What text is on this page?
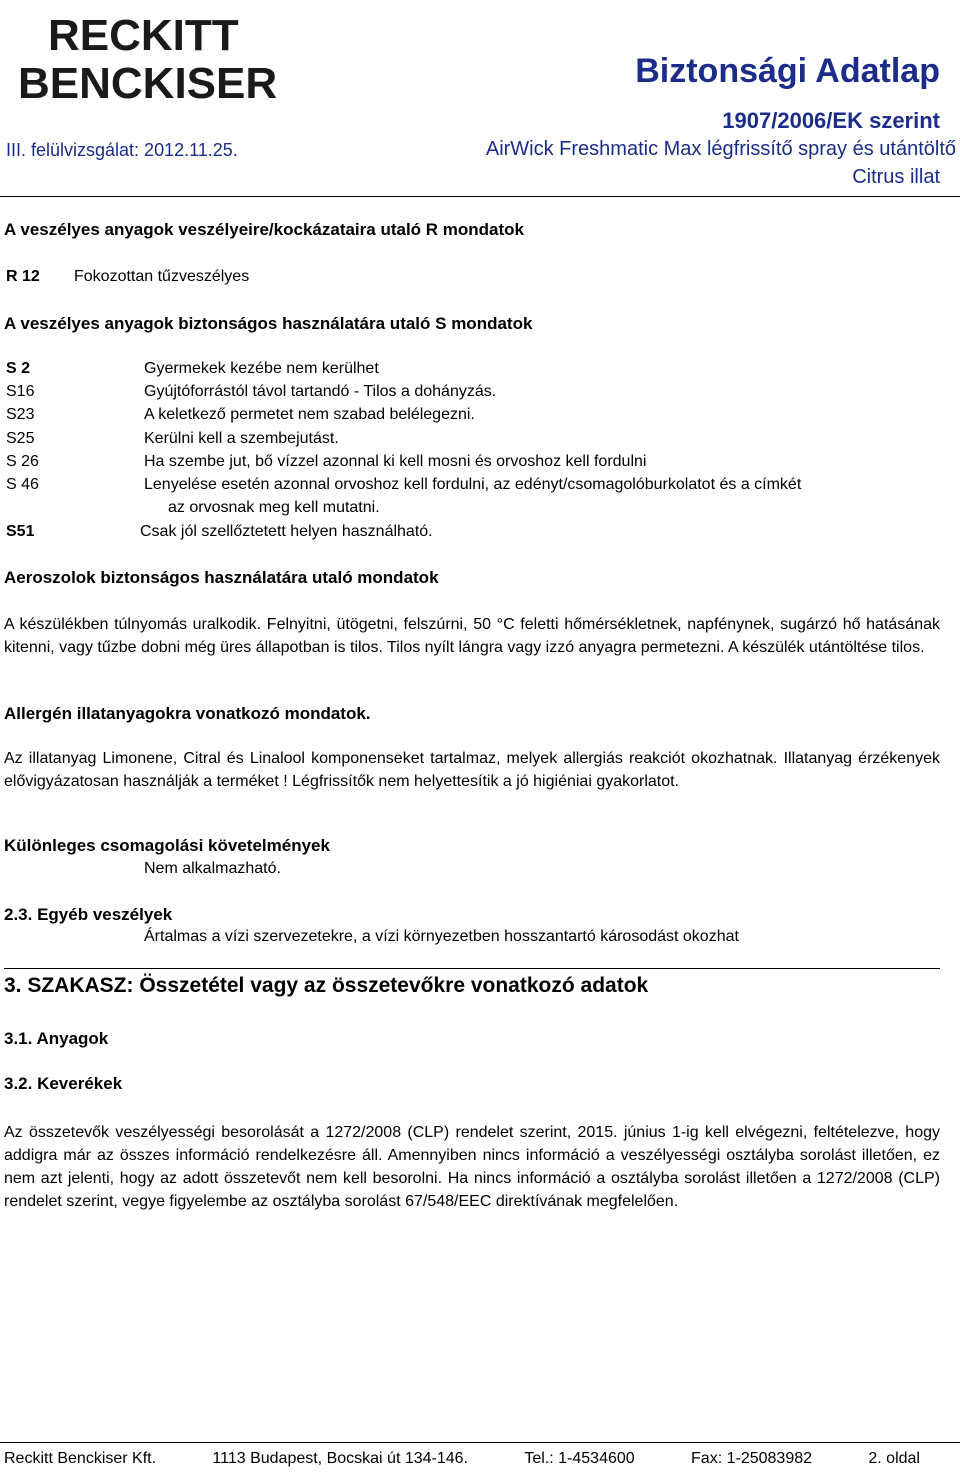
RECKITT
BENCKISER	Biztonsági Adatlap
1907/2006/EK szerint
III. felülvizsgálat: 2012.11.25.	AirWick Freshmatic Max légfrissítő spray és utántöltő
Citrus illat
A veszélyes anyagok veszélyeire/kockázataira utaló R mondatok
R 12 Fokozottan tűzveszélyes
A veszélyes anyagok biztonságos használatára utaló S mondatok
S 2	Gyermekek kezébe nem kerülhet
S16	Gyújtóforrástól távol tartandó - Tilos a dohányzás.
S23	A keletkező permetet nem szabad belélegezni.
S25	Kerülni kell a szembejutást.
S 26	Ha szembe jut, bő vízzel azonnal ki kell mosni és orvoshoz kell fordulni
S 46	Lenyelése esetén azonnal orvoshoz kell fordulni, az edényt/csomagolóburkolatot és a címkét
az orvosnak meg kell mutatni.
S51	Csak jól szellőztetett helyen használható.
Aeroszolok biztonságos használatára utaló mondatok
A készülékben túlnyomás uralkodik. Felnyitni, ütögetni, felszúrni, 50 °C feletti hőmérsékletnek, napfénynek, sugárzó hő hatásának kitenni, vagy tűzbe dobni még üres állapotban is tilos. Tilos nyílt lángra vagy izzó anyagra permetezni. A készülék utántöltése tilos.
Allergén illatanyagokra vonatkozó mondatok.
Az illatanyag Limonene, Citral és Linalool komponenseket tartalmaz, melyek allergiás reakciót okozhatnak. Illatanyag érzékenyek elővigyázatosan használják a terméket ! Légfrissítők nem helyettesítik a jó higiéniai gyakorlatot.
Különleges csomagolási követelmények
Nem alkalmazható.
2.3. Egyéb veszélyek
Ártalmas a vízi szervezetekre, a vízi környezetben hosszantartó károsodást okozhat
3. SZAKASZ: Összetétel vagy az összetevőkre vonatkozó adatok
3.1. Anyagok
3.2. Keverékek
Az összetevők veszélyességi besorolását a 1272/2008 (CLP) rendelet szerint, 2015. június 1-ig kell elvégezni, feltételezve, hogy addigra már az összes információ rendelkezésre áll. Amennyiben nincs információ a veszélyességi osztályba sorolást illetően, ez nem azt jelenti, hogy az adott összetevőt nem kell besorolni. Ha nincs információ a osztályba sorolást illetően a 1272/2008 (CLP) rendelet szerint, vegye figyelembe az osztályba sorolást 67/548/EEC direktívának megfelelően.
Reckitt Benckiser Kft.	1113 Budapest, Bocskai út 134-146.	Tel.: 1-4534600	Fax: 1-25083982	2. oldal
